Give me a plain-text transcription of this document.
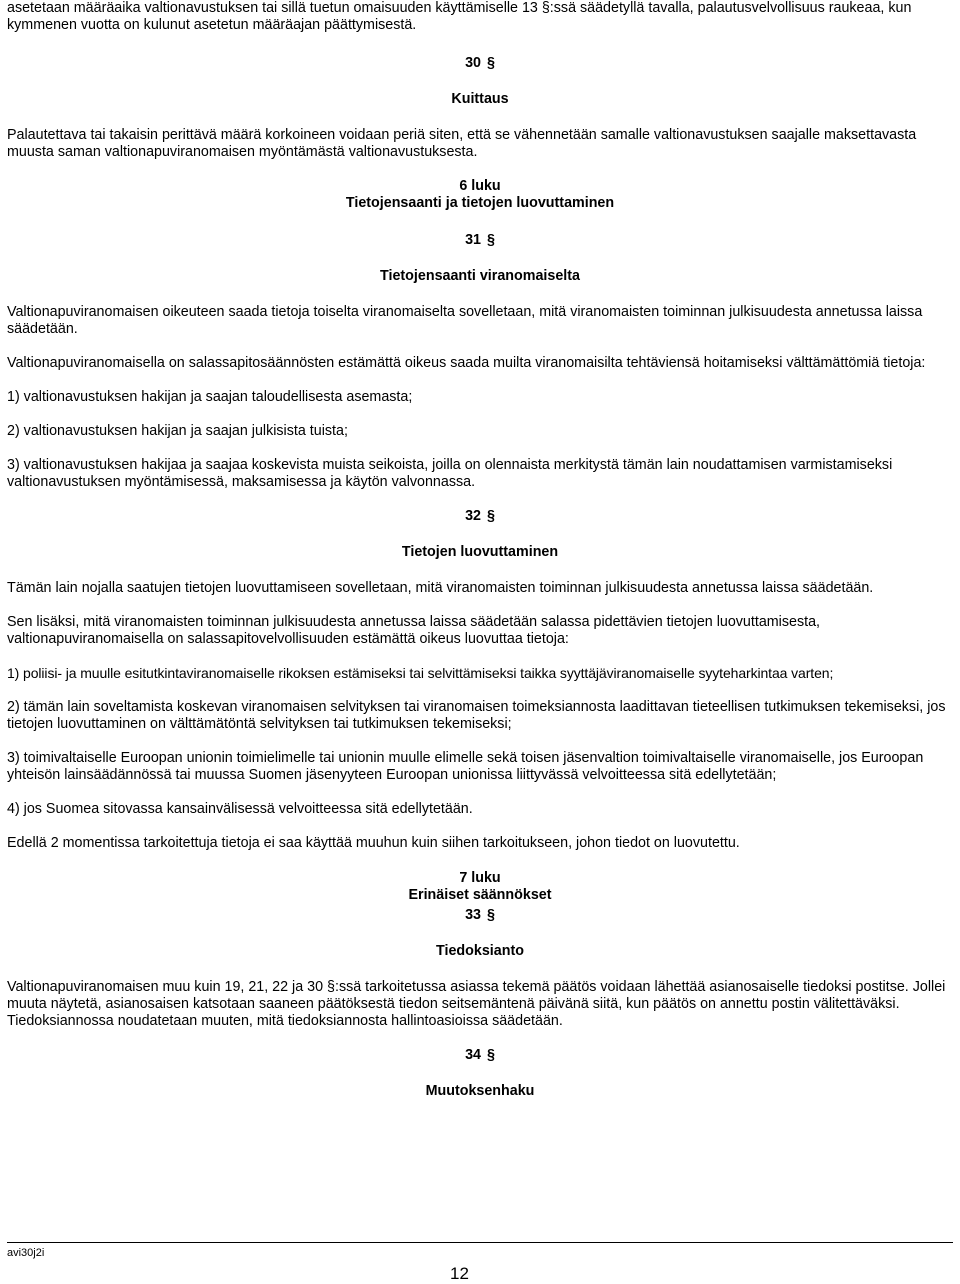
asetetaan määräaika valtionavustuksen tai sillä tuetun omaisuuden käyttämiselle 13 §:ssä säädetyllä tavalla, palautusvelvollisuus raukeaa, kun kymmenen vuotta on kulunut asetetun määräajan päättymisestä.

30 §

Kuittaus

Palautettava tai takaisin perittävä määrä korkoineen voidaan periä siten, että se vähennetään samalle valtionavustuksen saajalle maksettavasta muusta saman valtionapuviranomaisen myöntämästä valtionavustuksesta.

6 luku

Tietojensaanti ja tietojen luovuttaminen

31 §

Tietojensaanti viranomaiselta

Valtionapuviranomaisen oikeuteen saada tietoja toiselta viranomaiselta sovelletaan, mitä viranomaisten toiminnan julkisuudesta annetussa laissa säädetään.

Valtionapuviranomaisella on salassapitosäännösten estämättä oikeus saada muilta viranomaisilta tehtäviensä hoitamiseksi välttämättömiä tietoja:

1) valtionavustuksen hakijan ja saajan taloudellisesta asemasta;

2) valtionavustuksen hakijan ja saajan julkisista tuista;

3) valtionavustuksen hakijaa ja saajaa koskevista muista seikoista, joilla on olennaista merkitystä tämän lain noudattamisen varmistamiseksi valtionavustuksen myöntämisessä, maksamisessa ja käytön valvonnassa.

32 §

Tietojen luovuttaminen

Tämän lain nojalla saatujen tietojen luovuttamiseen sovelletaan, mitä viranomaisten toiminnan julkisuudesta annetussa laissa säädetään.

Sen lisäksi, mitä viranomaisten toiminnan julkisuudesta annetussa laissa säädetään salassa pidettävien tietojen luovuttamisesta, valtionapuviranomaisella on salassapitovelvollisuuden estämättä oikeus luovuttaa tietoja:

1) poliisi- ja muulle esitutkintaviranomaiselle rikoksen estämiseksi tai selvittämiseksi taikka syyttäjäviranomaiselle syyteharkintaa varten;

2) tämän lain soveltamista koskevan viranomaisen selvityksen tai viranomaisen toimeksiannosta laadittavan tieteellisen tutkimuksen tekemiseksi, jos tietojen luovuttaminen on välttämätöntä selvityksen tai tutkimuksen tekemiseksi;

3) toimivaltaiselle Euroopan unionin toimielimelle tai unionin muulle elimelle sekä toisen jäsenvaltion toimivaltaiselle viranomaiselle, jos Euroopan yhteisön lainsäädännössä tai muussa Suomen jäsenyyteen Euroopan unionissa liittyvässä velvoitteessa sitä edellytetään;

4) jos Suomea sitovassa kansainvälisessä velvoitteessa sitä edellytetään.

Edellä 2 momentissa tarkoitettuja tietoja ei saa käyttää muuhun kuin siihen tarkoitukseen, johon tiedot on luovutettu.

7 luku

Erinäiset säännökset

33 §

Tiedoksianto

Valtionapuviranomaisen muu kuin 19, 21, 22 ja 30 §:ssä tarkoitetussa asiassa tekemä päätös voidaan lähettää asianosaiselle tiedoksi postitse. Jollei muuta näytetä, asianosaisen katsotaan saaneen päätöksestä tiedon seitsemäntenä päivänä siitä, kun päätös on annettu postin välitettäväksi. Tiedoksiannossa noudatetaan muuten, mitä tiedoksiannosta hallintoasioissa säädetään.

34 §

Muutoksenhaku

avi30j2i
12
